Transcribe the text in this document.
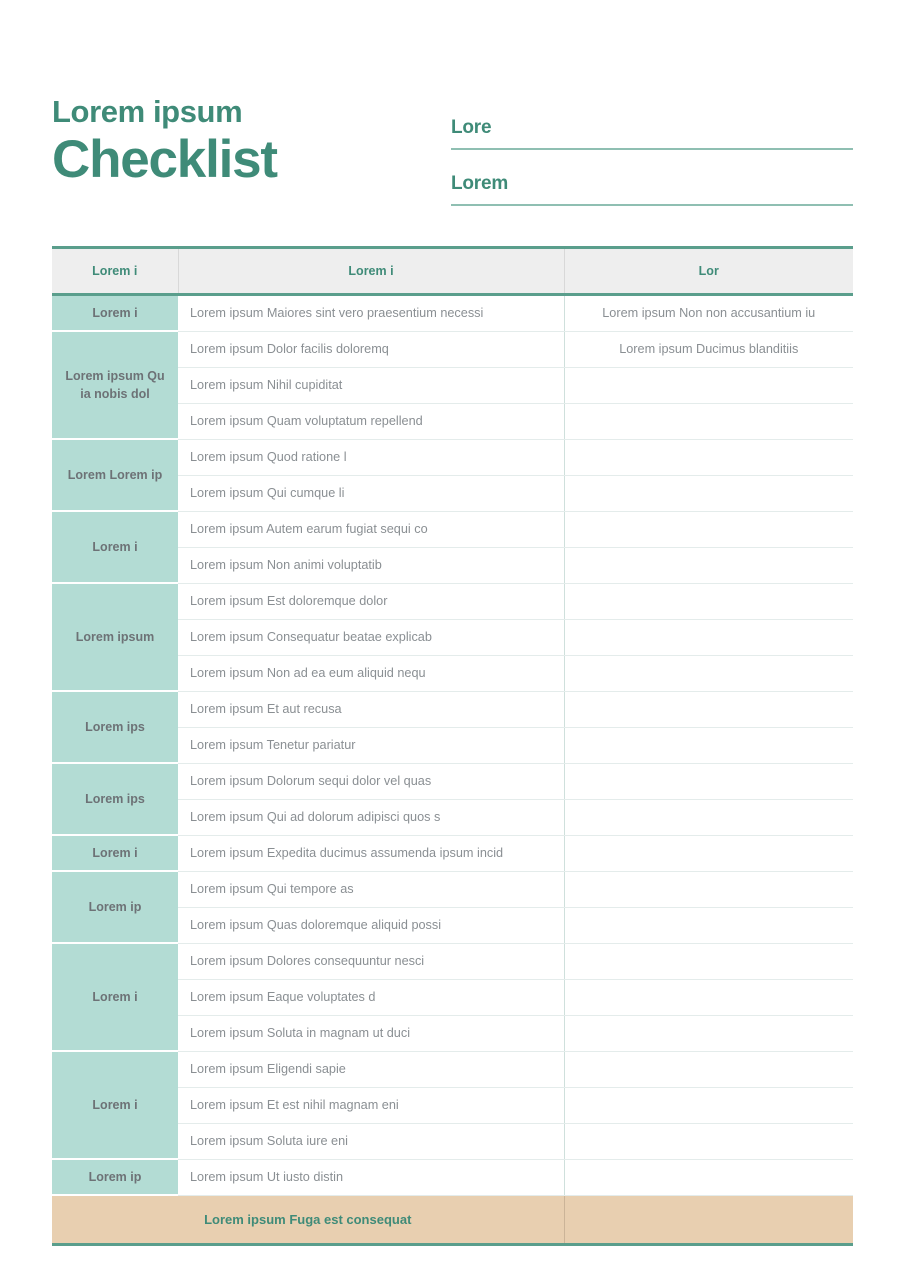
Lorem ipsum
Checklist
Lore
Lorem
Lorem i	Lorem i	Lor
Lorem i	Lorem ipsum Maiores sint vero praesentium necessi	Lorem ipsum Non non accusantium iu
Lorem ipsum Qu ia nobis dol	Lorem ipsum Dolor facilis doloremq	Lorem ipsum Ducimus blanditiis
	Lorem ipsum Nihil cupiditat	
	Lorem ipsum Quam voluptatum repellend	
Lorem Lorem ip	Lorem ipsum Quod ratione l	
	Lorem ipsum Qui cumque li	
Lorem i	Lorem ipsum Autem earum fugiat sequi co	
	Lorem ipsum Non animi voluptatib	
Lorem ipsum	Lorem ipsum Est doloremque dolor	
	Lorem ipsum Consequatur beatae explicab	
	Lorem ipsum Non ad ea eum aliquid nequ	
Lorem ips	Lorem ipsum Et aut recusa	
	Lorem ipsum Tenetur pariatur	
Lorem ips	Lorem ipsum Dolorum sequi dolor vel quas	
	Lorem ipsum Qui ad dolorum adipisci quos s	
Lorem i	Lorem ipsum Expedita ducimus assumenda ipsum incid	
Lorem ip	Lorem ipsum Qui tempore as	
	Lorem ipsum Quas doloremque aliquid possi	
Lorem i	Lorem ipsum Dolores consequuntur nesci	
	Lorem ipsum Eaque voluptates d	
	Lorem ipsum Soluta in magnam ut duci	
Lorem i	Lorem ipsum Eligendi sapie	
	Lorem ipsum Et est nihil magnam eni	
	Lorem ipsum Soluta iure eni	
Lorem ip	Lorem ipsum Ut iusto distin	
Lorem ipsum Fuga est consequat		
